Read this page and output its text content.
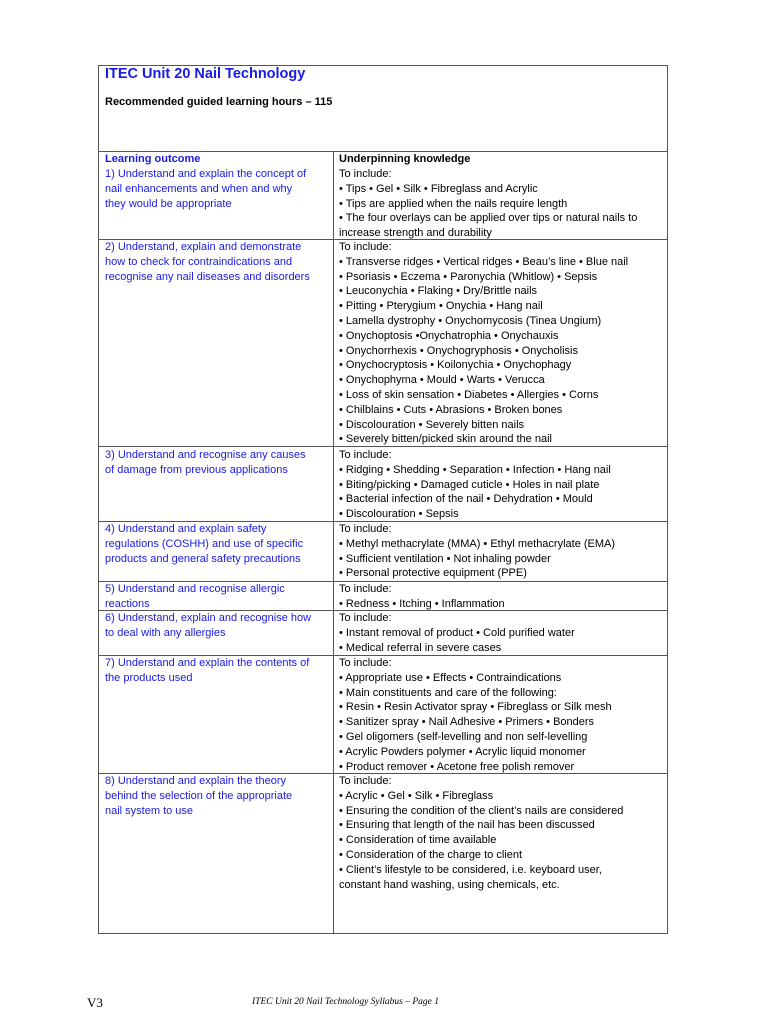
ITEC Unit 20 Nail Technology
Recommended guided learning hours – 115
Learning outcome	Underpinning knowledge
1) Understand and explain the concept of
nail enhancements and when and why
they would be appropriate
To include:
• Tips • Gel • Silk • Fibreglass and Acrylic
• Tips are applied when the nails require length
• The four overlays can be applied over tips or natural nails to
increase strength and durability
2) Understand, explain and demonstrate
how to check for contraindications and
recognise any nail diseases and disorders
To include:
• Transverse ridges • Vertical ridges • Beau’s line • Blue nail
• Psoriasis • Eczema • Paronychia (Whitlow) • Sepsis
• Leuconychia • Flaking • Dry/Brittle nails
• Pitting • Pterygium • Onychia • Hang nail
• Lamella dystrophy • Onychomycosis (Tinea Ungium)
• Onychoptosis •Onychatrophia • Onychauxis
• Onychorrhexis • Onychogryphosis • Onycholisis
• Onychocryptosis • Koilonychia • Onychophagy
• Onychophyma • Mould • Warts • Verucca
• Loss of skin sensation • Diabetes • Allergies • Corns
• Chilblains • Cuts • Abrasions • Broken bones
• Discolouration • Severely bitten nails
• Severely bitten/picked skin around the nail
3) Understand and recognise any causes
of damage from previous applications
To include:
• Ridging • Shedding • Separation • Infection • Hang nail
• Biting/picking • Damaged cuticle • Holes in nail plate
• Bacterial infection of the nail • Dehydration • Mould
• Discolouration • Sepsis
4) Understand and explain safety
regulations (COSHH) and use of specific
products and general safety precautions
To include:
• Methyl methacrylate (MMA) • Ethyl methacrylate (EMA)
• Sufficient ventilation • Not inhaling powder
• Personal protective equipment (PPE)
5) Understand and recognise allergic
reactions
To include:
• Redness • Itching • Inflammation
6) Understand, explain and recognise how
to deal with any allergies
To include:
• Instant removal of product • Cold purified water
• Medical referral in severe cases
7) Understand and explain the contents of
the products used
To include:
• Appropriate use • Effects • Contraindications
• Main constituents and care of the following:
• Resin • Resin Activator spray • Fibreglass or Silk mesh
• Sanitizer spray • Nail Adhesive • Primers • Bonders
• Gel oligomers (self-levelling and non self-levelling
• Acrylic Powders polymer • Acrylic liquid monomer
• Product remover • Acetone free polish remover
8) Understand and explain the theory
behind the selection of the appropriate
nail system to use
To include:
• Acrylic • Gel • Silk • Fibreglass
• Ensuring the condition of the client’s nails are considered
• Ensuring that length of the nail has been discussed
• Consideration of time available
• Consideration of the charge to client
• Client’s lifestyle to be considered, i.e. keyboard user,
constant hand washing, using chemicals, etc.
V3	ITEC Unit 20 Nail Technology Syllabus – Page 1
